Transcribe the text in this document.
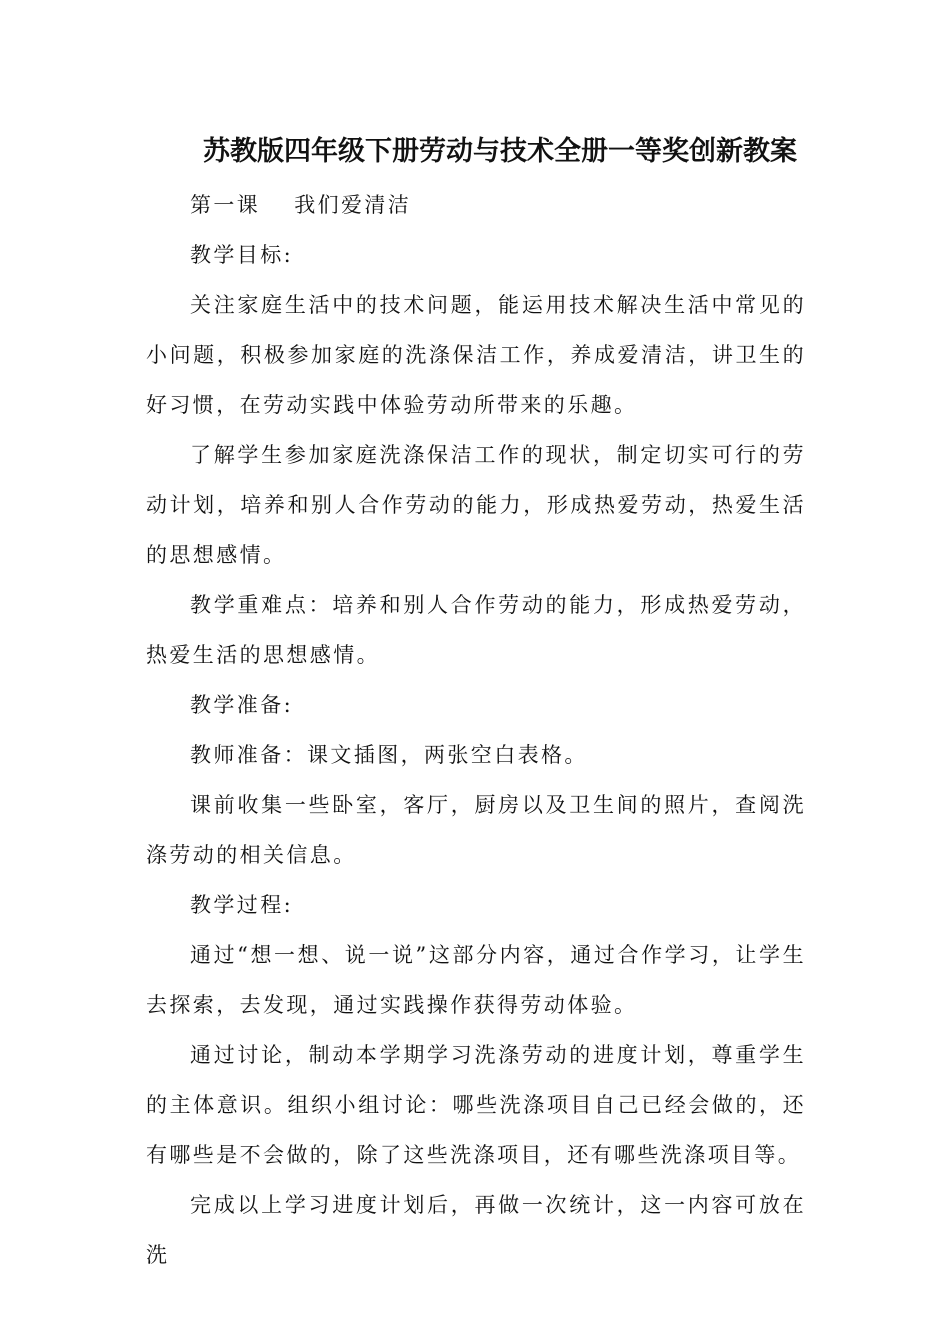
苏教版四年级下册劳动与技术全册一等奖创新教案
第一课 我们爱清洁

教学目标:

关注家庭生活中的技术问题，能运用技术解决生活中常见的小问题，积极参加家庭的洗涤保洁工作，养成爱清洁，讲卫生的好习惯，在劳动实践中体验劳动所带来的乐趣。

了解学生参加家庭洗涤保洁工作的现状，制定切实可行的劳动计划，培养和别人合作劳动的能力，形成热爱劳动，热爱生活的思想感情。

教学重难点：培养和别人合作劳动的能力，形成热爱劳动，热爱生活的思想感情。

教学准备:

教师准备：课文插图，两张空白表格。

课前收集一些卧室，客厅，厨房以及卫生间的照片，查阅洗涤劳动的相关信息。

教学过程:

通过“想一想、说一说”这部分内容，通过合作学习，让学生去探索，去发现，通过实践操作获得劳动体验。

通过讨论，制动本学期学习洗涤劳动的进度计划，尊重学生的主体意识。组织小组讨论：哪些洗涤项目自己已经会做的，还有哪些是不会做的，除了这些洗涤项目，还有哪些洗涤项目等。

完成以上学习进度计划后，再做一次统计，这一内容可放在洗
